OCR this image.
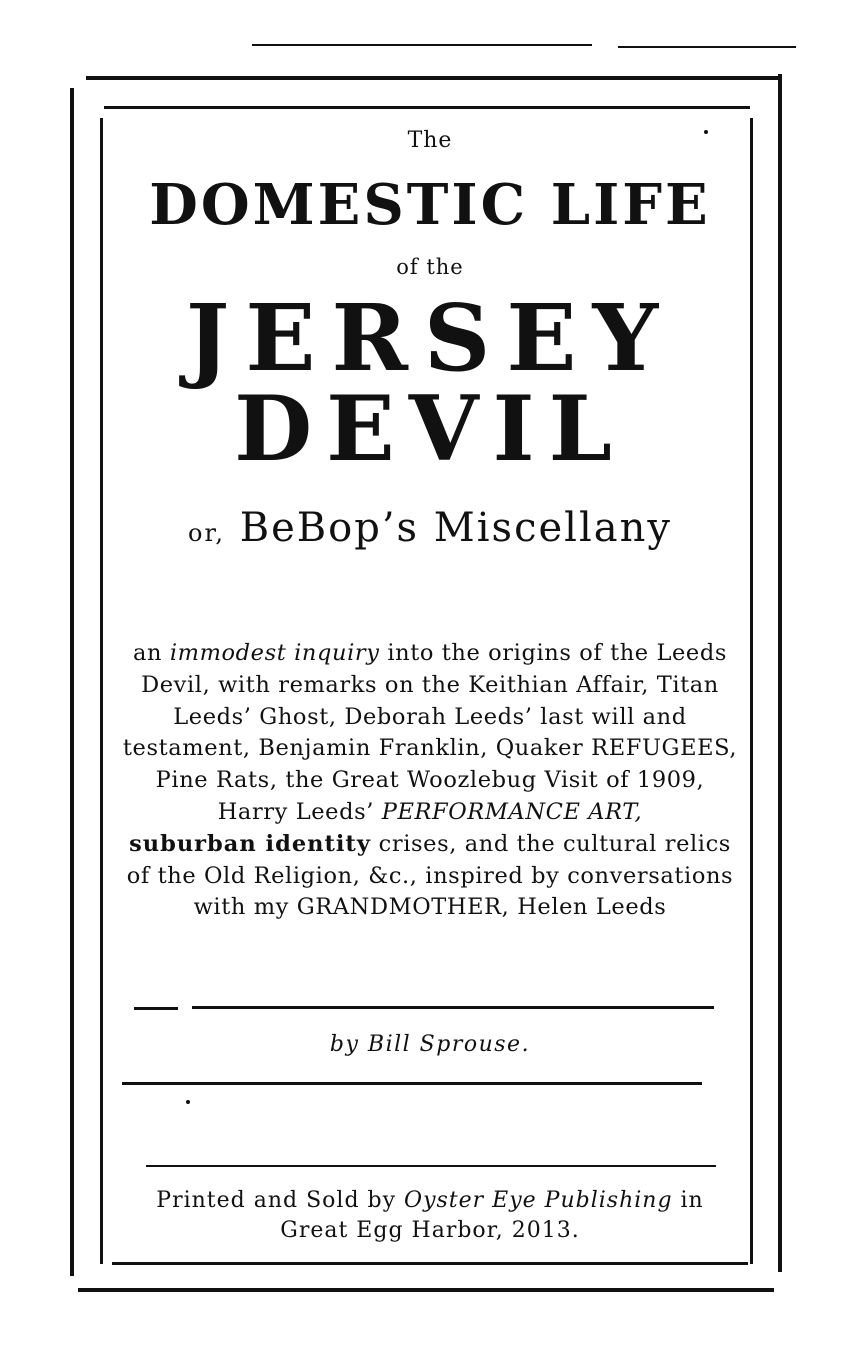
The
DOMESTIC LIFE
of the
JERSEY
DEVIL
or, BeBop’s Miscellany
an immodest inquiry into the origins of the Leeds
Devil, with remarks on the Keithian Affair, Titan
Leeds’ Ghost, Deborah Leeds’ last will and
testament, Benjamin Franklin, Quaker REFUGEES,
Pine Rats, the Great Woozlebug Visit of 1909,
Harry Leeds’ PERFORMANCE ART,
suburban identity crises, and the cultural relics
of the Old Religion, &c., inspired by conversations
with my GRANDMOTHER, Helen Leeds
by Bill Sprouse.
Printed and Sold by Oyster Eye Publishing in
Great Egg Harbor, 2013.
